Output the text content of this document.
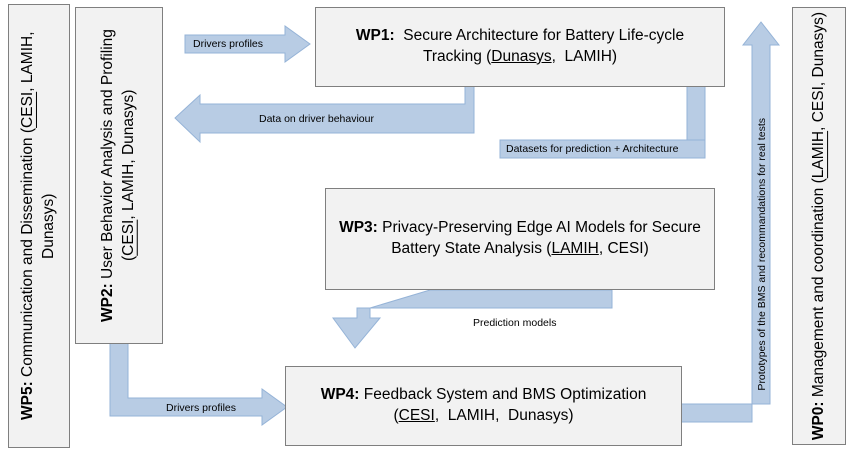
Drivers profiles
Data on driver behaviour
Datasets for prediction + Architecture
Prediction models
Drivers profiles
Prototypes of the BMS and recommandations for real tests
WP5: Communication and Dissemination (CESI, LAMIH, Dunasys)
WP2: User Behavior Analysis and Profiling (CESI, LAMIH, Dunasys)
WP1:  Secure Architecture for Battery Life-cycle Tracking (Dunasys,  LAMIH)
WP3: Privacy-Preserving Edge AI Models for Secure Battery State Analysis (LAMIH, CESI)
WP4: Feedback System and BMS Optimization (CESI,  LAMIH,  Dunasys)	WP0: Management and coordination (LAMIH, CESI, Dunasys)
